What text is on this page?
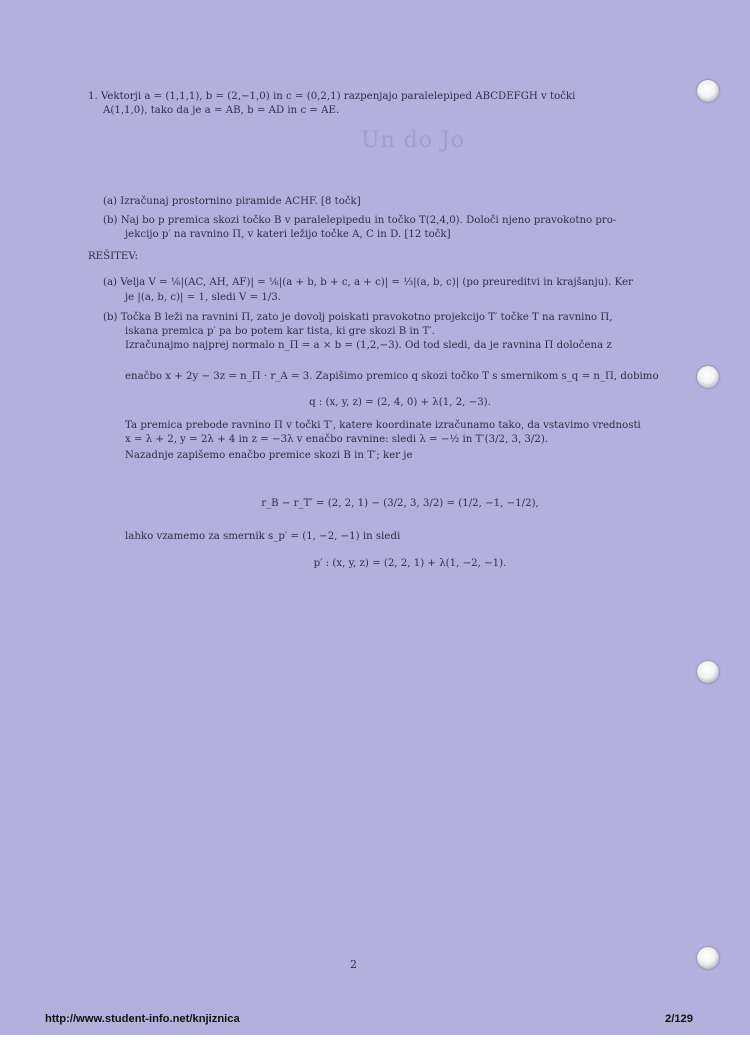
Un do Jo
1. Vektorji a = (1,1,1), b = (2,−1,0) in c = (0,2,1) razpenjajo paralelepiped ABCDEFGH v točki
A(1,1,0), tako da je a = AB, b = AD in c = AE.
(a) Izračunaj prostornino piramide ACHF. [8 točk]
(b) Naj bo p premica skozi točko B v paralelepipedu in točko T(2,4,0). Določi njeno pravokotno pro-
jekcijo p′ na ravnino Π, v kateri ležijo točke A, C in D. [12 točk]
REŠITEV:
(a) Velja V = ⅙|(AC, AH, AF)| = ⅙|(a + b, b + c, a + c)| = ⅓|(a, b, c)| (po preureditvi in krajšanju). Ker
je |(a, b, c)| = 1, sledi V = 1/3.
(b) Točka B leži na ravnini Π, zato je dovolj poiskati pravokotno projekcijo T′ točke T na ravnino Π,
iskana premica p′ pa bo potem kar tista, ki gre skozi B in T′.
Izračunajmo najprej normalo n_Π = a × b = (1,2,−3). Od tod sledi, da je ravnina Π določena z
enačbo x + 2y − 3z = n_Π · r_A = 3. Zapišimo premico q skozi točko T s smernikom s_q = n_Π, dobimo
q : (x, y, z) = (2, 4, 0) + λ(1, 2, −3).
Ta premica prebode ravnino Π v točki T′, katere koordinate izračunamo tako, da vstavimo vrednosti
x = λ + 2, y = 2λ + 4 in z = −3λ v enačbo ravnine: sledi λ = −½ in T′(3/2, 3, 3/2).
Nazadnje zapišemo enačbo premice skozi B in T′; ker je
r_B − r_T′ = (2, 2, 1) − (3/2, 3, 3/2) = (1/2, −1, −1/2),
lahko vzamemo za smernik s_p′ = (1, −2, −1) in sledi
p′ : (x, y, z) = (2, 2, 1) + λ(1, −2, −1).
2
http://www.student-info.net/knjiznica	2/129
